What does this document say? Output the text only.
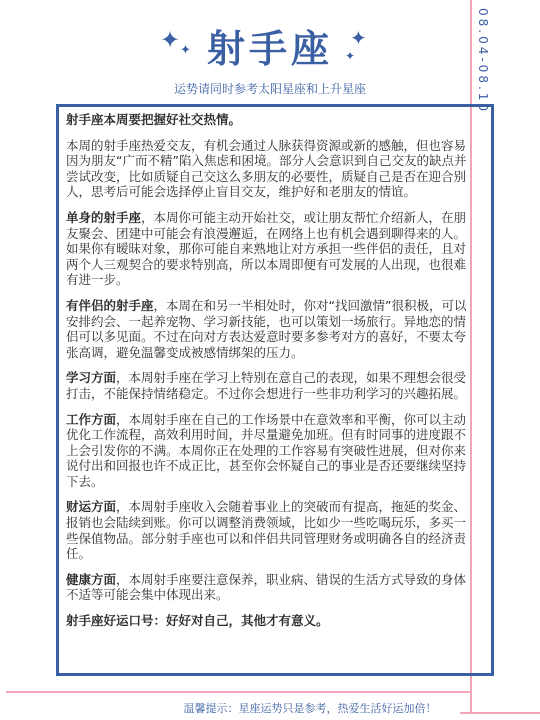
08.04-08.10
✦ ✦
✦
✦
射手座
运势请同时参考太阳星座和上升星座

射手座本周要把握好社交热情。

本周的射手座热爱交友，有机会通过人脉获得资源或新的感触，但也容易因为朋友“广而不精”陷入焦虑和困境。部分人会意识到自己交友的缺点并尝试改变，比如质疑自己交这么多朋友的必要性，质疑自己是否在迎合别人，思考后可能会选择停止盲目交友，维护好和老朋友的情谊。

单身的射手座，本周你可能主动开始社交，或让朋友帮忙介绍新人，在朋友聚会、团建中可能会有浪漫邂逅，在网络上也有机会遇到聊得来的人。如果你有暧昧对象，那你可能自来熟地让对方承担一些伴侣的责任，且对两个人三观契合的要求特别高，所以本周即便有可发展的人出现，也很难有进一步。

有伴侣的射手座，本周在和另一半相处时，你对“找回激情”很积极，可以安排约会、一起养宠物、学习新技能，也可以策划一场旅行。异地恋的情侣可以多见面。不过在向对方表达爱意时要多参考对方的喜好，不要太夸张高调，避免温馨变成被感情绑架的压力。

学习方面，本周射手座在学习上特别在意自己的表现，如果不理想会很受打击，不能保持情绪稳定。不过你会想进行一些非功利学习的兴趣拓展。

工作方面，本周射手座在自己的工作场景中在意效率和平衡，你可以主动优化工作流程，高效利用时间，并尽量避免加班。但有时同事的进度跟不上会引发你的不满。本周你正在处理的工作容易有突破性进展，但对你来说付出和回报也许不成正比，甚至你会怀疑自己的事业是否还要继续坚持下去。

财运方面，本周射手座收入会随着事业上的突破而有提高，拖延的奖金、报销也会陆续到账。你可以调整消费领域，比如少一些吃喝玩乐，多买一些保值物品。部分射手座也可以和伴侣共同管理财务或明确各自的经济责任。

健康方面，本周射手座要注意保养，职业病、错误的生活方式导致的身体不适等可能会集中体现出来。

射手座好运口号：好好对自己，其他才有意义。

温馨提示：星座运势只是参考，热爱生活好运加倍！
